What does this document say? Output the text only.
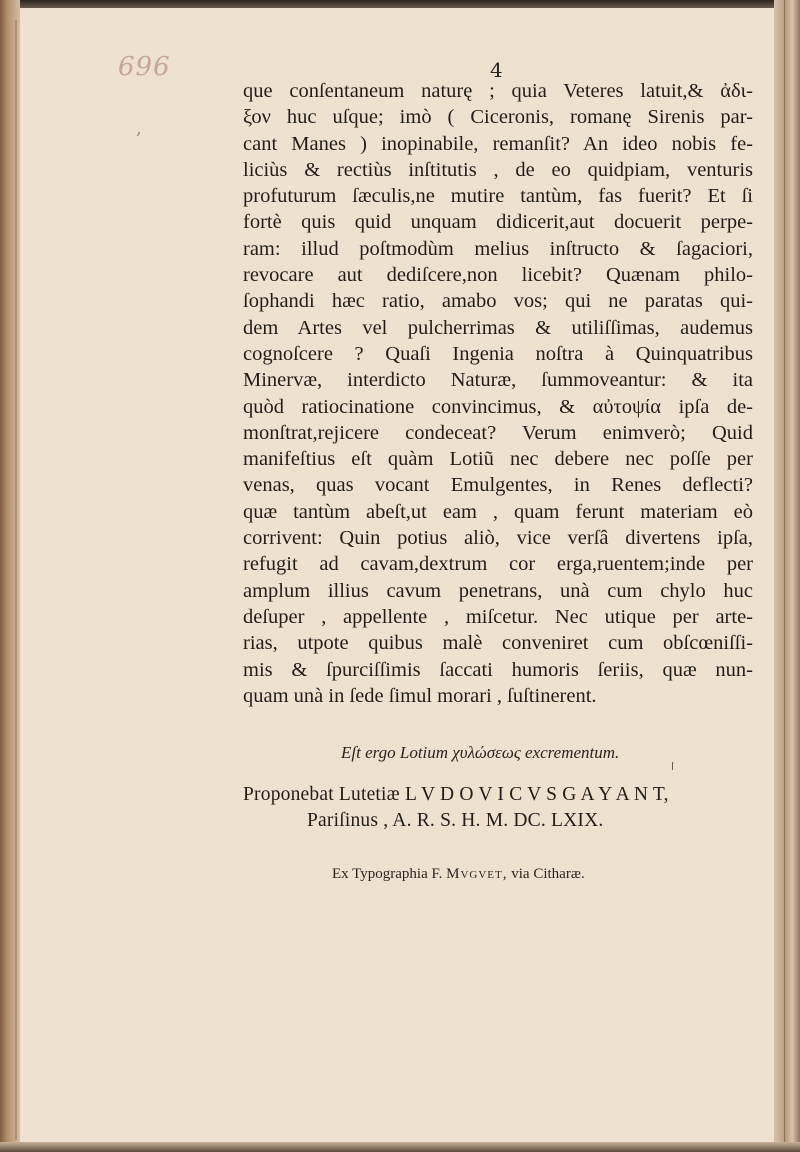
696
,
4
que conſentaneum naturę ; quia Veteres latuit,& ἀδι-
ξον huc uſque; imò ( Ciceronis, romanę Sirenis par-
cant Manes ) inopinabile, remanſit? An ideo nobis fe-
liciùs & rectiùs inſtitutis , de eo quidpiam, venturis
profuturum ſæculis,ne mutire tantùm, fas fuerit? Et ſi
fortè quis quid unquam didicerit,aut docuerit perpe-
ram: illud poſtmodùm melius inſtructo & ſagaciori,
revocare aut dediſcere,non licebit? Quænam philo-
ſophandi hæc ratio, amabo vos; qui ne paratas qui-
dem Artes vel pulcherrimas & utiliſſimas, audemus
cognoſcere ? Quaſi Ingenia noſtra à Quinquatribus
Minervæ, interdicto Naturæ, ſummoveantur: & ita
quòd ratiocinatione convincimus, & αὐτοψία ipſa de-
monſtrat,rejicere condeceat? Verum enimverò; Quid
manifeſtius eſt quàm Lotiũ nec debere nec poſſe per
venas, quas vocant Emulgentes, in Renes deflecti?
quæ tantùm abeſt,ut eam , quam ferunt materiam eò
corrivent: Quin potius aliò, vice verſâ divertens ipſa,
refugit ad cavam,dextrum cor erga,ruentem;inde per
amplum illius cavum penetrans, unà cum chylo huc
deſuper , appellente , miſcetur. Nec utique per arte-
rias, utpote quibus malè conveniret cum obſcœniſſi-
mis & ſpurciſſimis ſaccati humoris ſeriis, quæ nun-
quam unà in ſede ſimul morari , ſuſtinerent.
Eſt ergo Lotium χυλώσεως excrementum.
Proponebat Lutetiæ L V D O V I C V S G A Y A N T,
Pariſinus , A. R. S. H. M. DC. LXIX.
Ex Typographia F. Mvgvet, via Citharæ.
